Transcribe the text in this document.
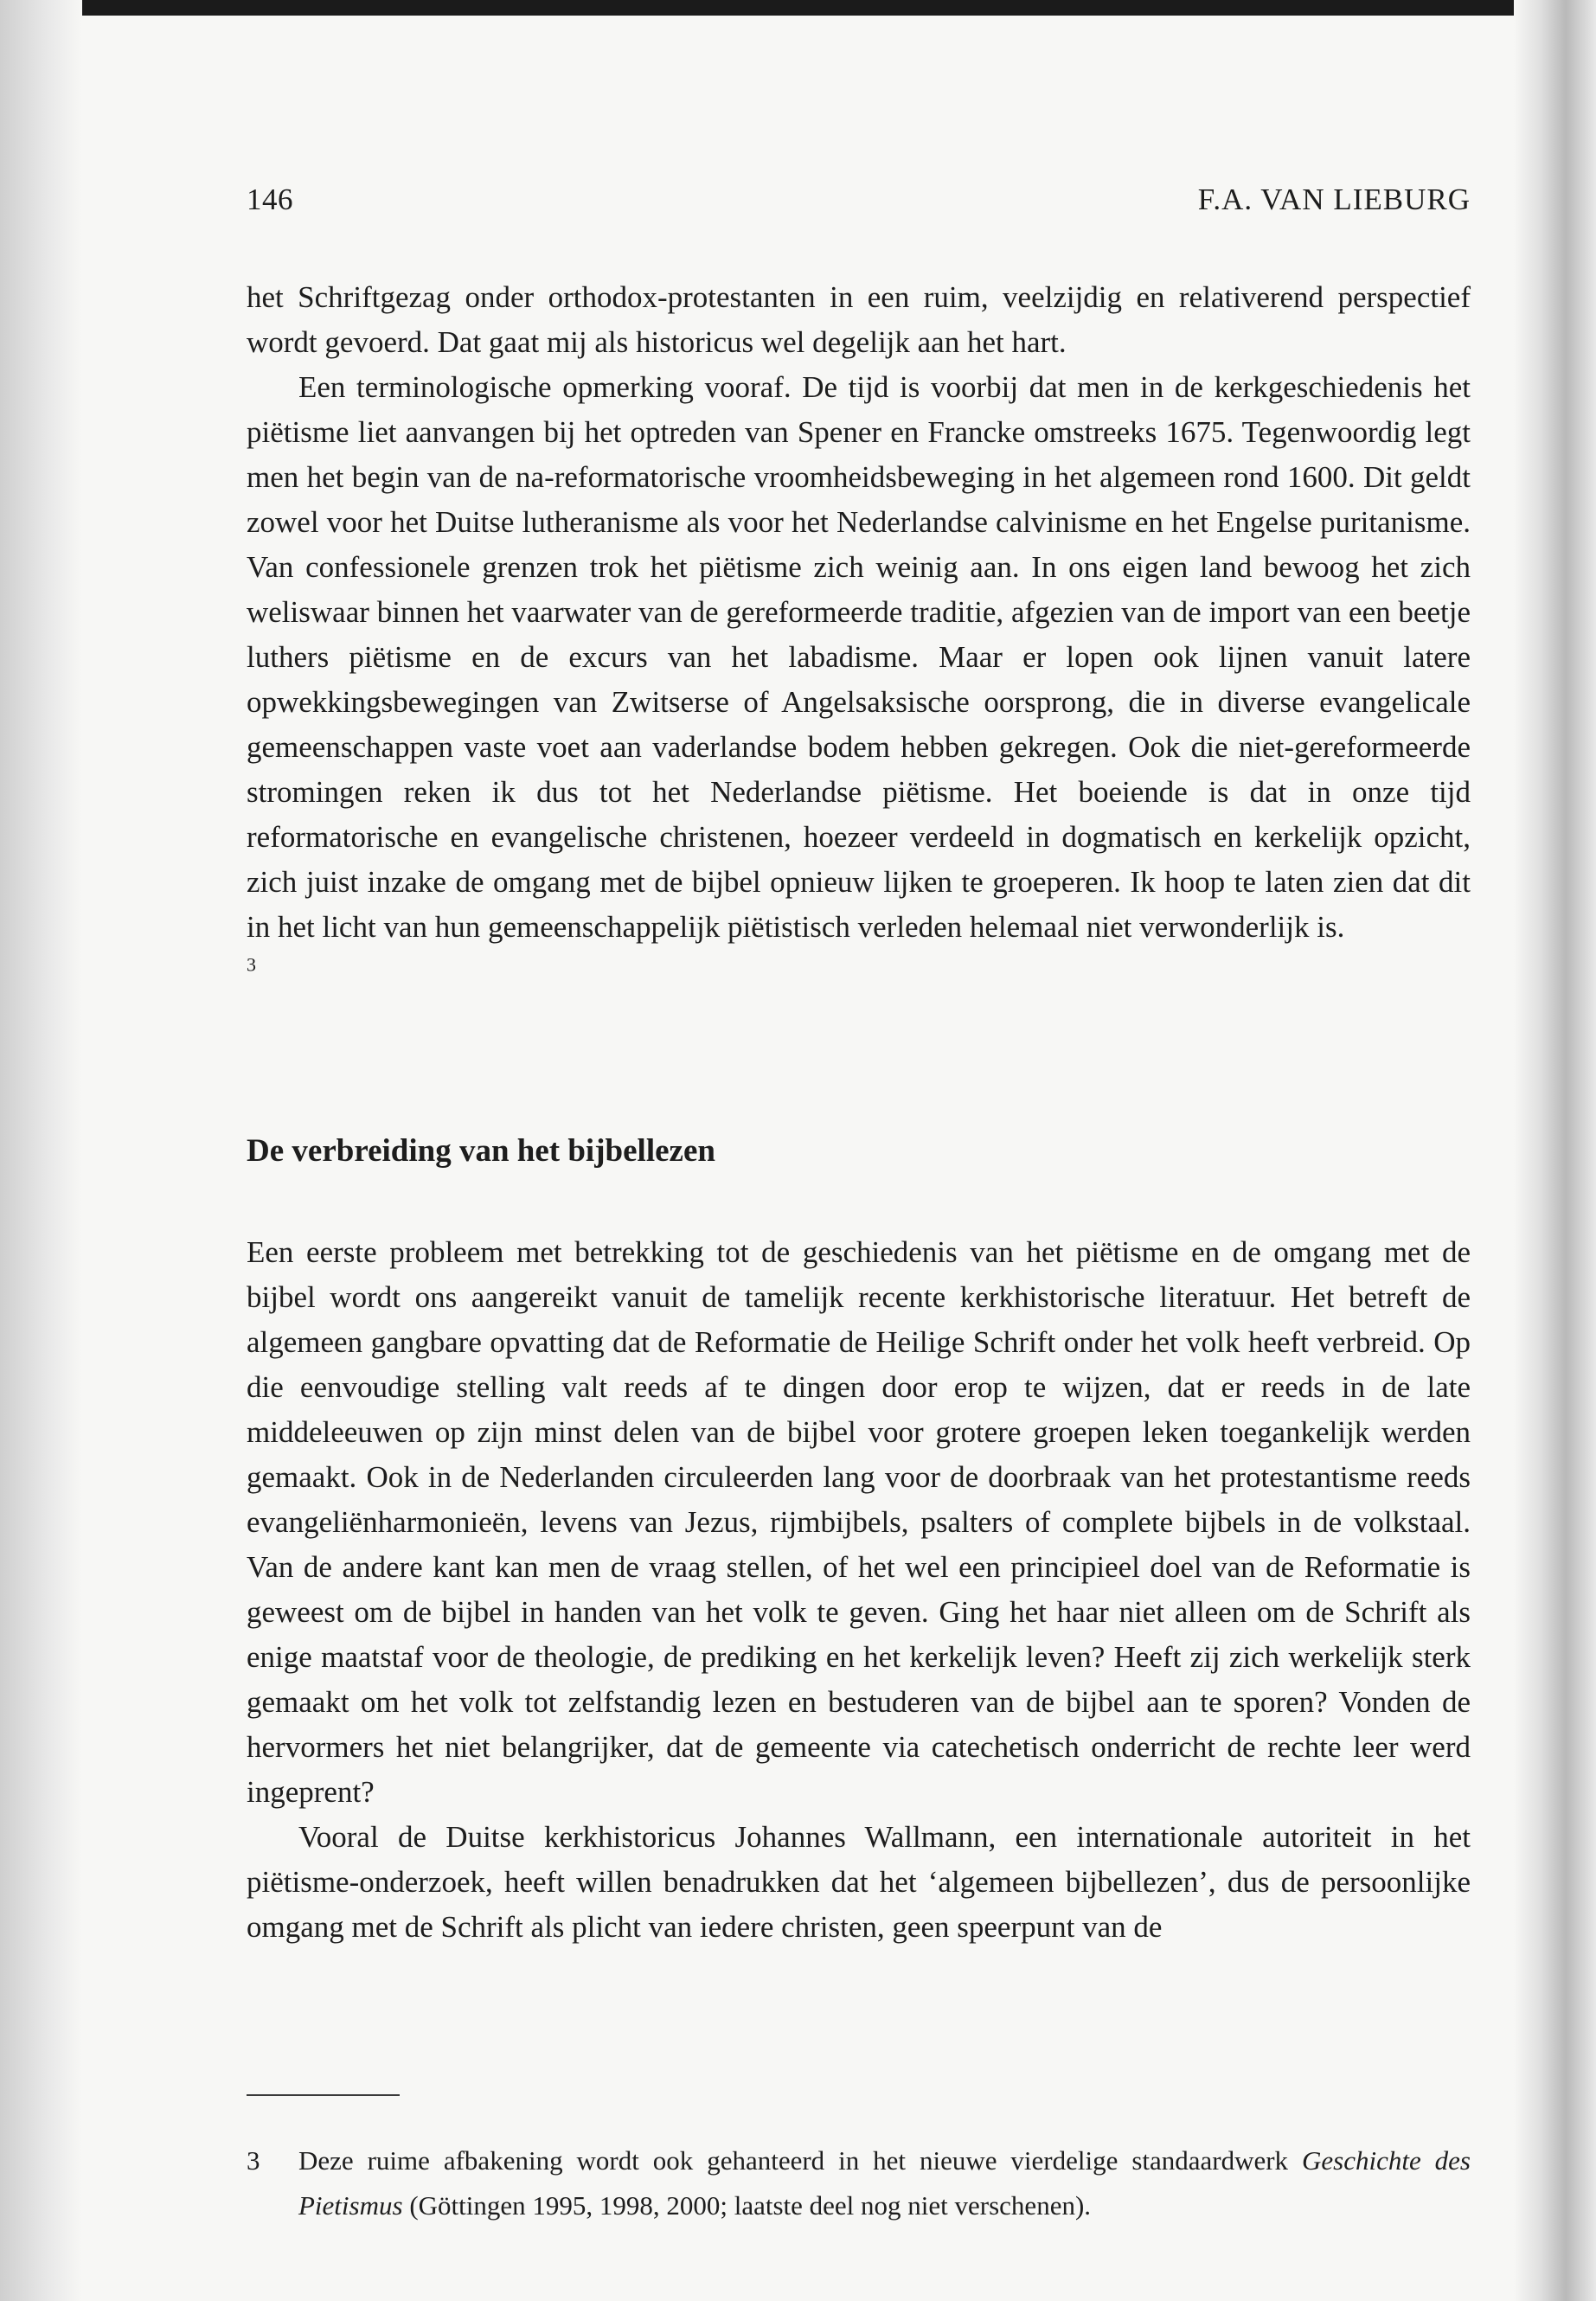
146	F.A. VAN LIEBURG

het Schriftgezag onder orthodox-protestanten in een ruim, veelzijdig en relativerend perspectief wordt gevoerd. Dat gaat mij als historicus wel degelijk aan het hart.
Een terminologische opmerking vooraf. De tijd is voorbij dat men in de kerkgeschiedenis het piëtisme liet aanvangen bij het optreden van Spener en Francke omstreeks 1675. Tegenwoordig legt men het begin van de na-reformatorische vroomheidsbeweging in het algemeen rond 1600. Dit geldt zowel voor het Duitse lutheranisme als voor het Nederlandse calvinisme en het Engelse puritanisme. Van confessionele grenzen trok het piëtisme zich weinig aan. In ons eigen land bewoog het zich weliswaar binnen het vaarwater van de gereformeerde traditie, afgezien van de import van een beetje luthers piëtisme en de excurs van het labadisme. Maar er lopen ook lijnen vanuit latere opwekkingsbewegingen van Zwitserse of Angelsaksische oorsprong, die in diverse evangelicale gemeenschappen vaste voet aan vaderlandse bodem hebben gekregen. Ook die niet-gereformeerde stromingen reken ik dus tot het Nederlandse piëtisme. Het boeiende is dat in onze tijd reformatorische en evangelische christenen, hoezeer verdeeld in dogmatisch en kerkelijk opzicht, zich juist inzake de omgang met de bijbel opnieuw lijken te groeperen. Ik hoop te laten zien dat dit in het licht van hun gemeenschappelijk piëtistisch verleden helemaal niet verwonderlijk is.$^3$

De verbreiding van het bijbellezen

Een eerste probleem met betrekking tot de geschiedenis van het piëtisme en de omgang met de bijbel wordt ons aangereikt vanuit de tamelijk recente kerkhistorische literatuur. Het betreft de algemeen gangbare opvatting dat de Reformatie de Heilige Schrift onder het volk heeft verbreid. Op die eenvoudige stelling valt reeds af te dingen door erop te wijzen, dat er reeds in de late middeleeuwen op zijn minst delen van de bijbel voor grotere groepen leken toegankelijk werden gemaakt. Ook in de Nederlanden circuleerden lang voor de doorbraak van het protestantisme reeds evangeliënharmonieën, levens van Jezus, rijmbijbels, psalters of complete bijbels in de volkstaal. Van de andere kant kan men de vraag stellen, of het wel een principieel doel van de Reformatie is geweest om de bijbel in handen van het volk te geven. Ging het haar niet alleen om de Schrift als enige maatstaf voor de theologie, de prediking en het kerkelijk leven? Heeft zij zich werkelijk sterk gemaakt om het volk tot zelfstandig lezen en bestuderen van de bijbel aan te sporen? Vonden de hervormers het niet belangrijker, dat de gemeente via catechetisch onderricht de rechte leer werd ingeprent?
Vooral de Duitse kerkhistoricus Johannes Wallmann, een internationale autoriteit in het piëtisme-onderzoek, heeft willen benadrukken dat het ‘algemeen bijbellezen’, dus de persoonlijke omgang met de Schrift als plicht van iedere christen, geen speerpunt van de

3 Deze ruime afbakening wordt ook gehanteerd in het nieuwe vierdelige standaardwerk Geschichte des Pietismus (Göttingen 1995, 1998, 2000; laatste deel nog niet verschenen).
